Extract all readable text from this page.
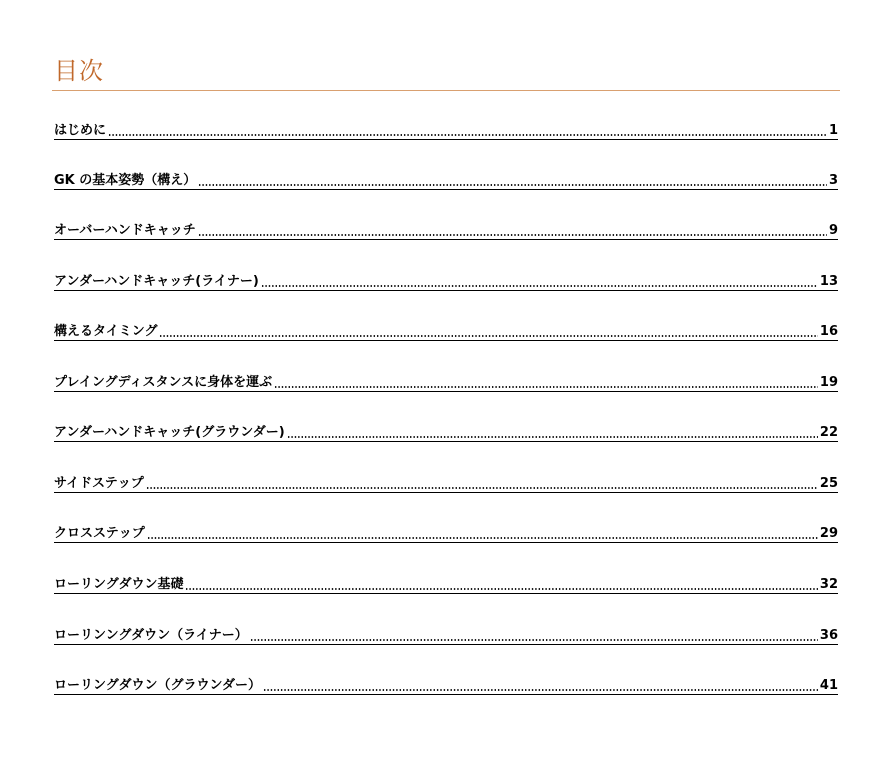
目次
はじめに	1
GK の基本姿勢（構え）	3
オーバーハンドキャッチ	9
アンダーハンドキャッチ(ライナー)	13
構えるタイミング	16
プレイングディスタンスに身体を運ぶ	19
アンダーハンドキャッチ(グラウンダー)	22
サイドステップ	25
クロスステップ	29
ローリングダウン基礎	32
ローリンングダウン（ライナー）	36
ローリングダウン（グラウンダー）	41
